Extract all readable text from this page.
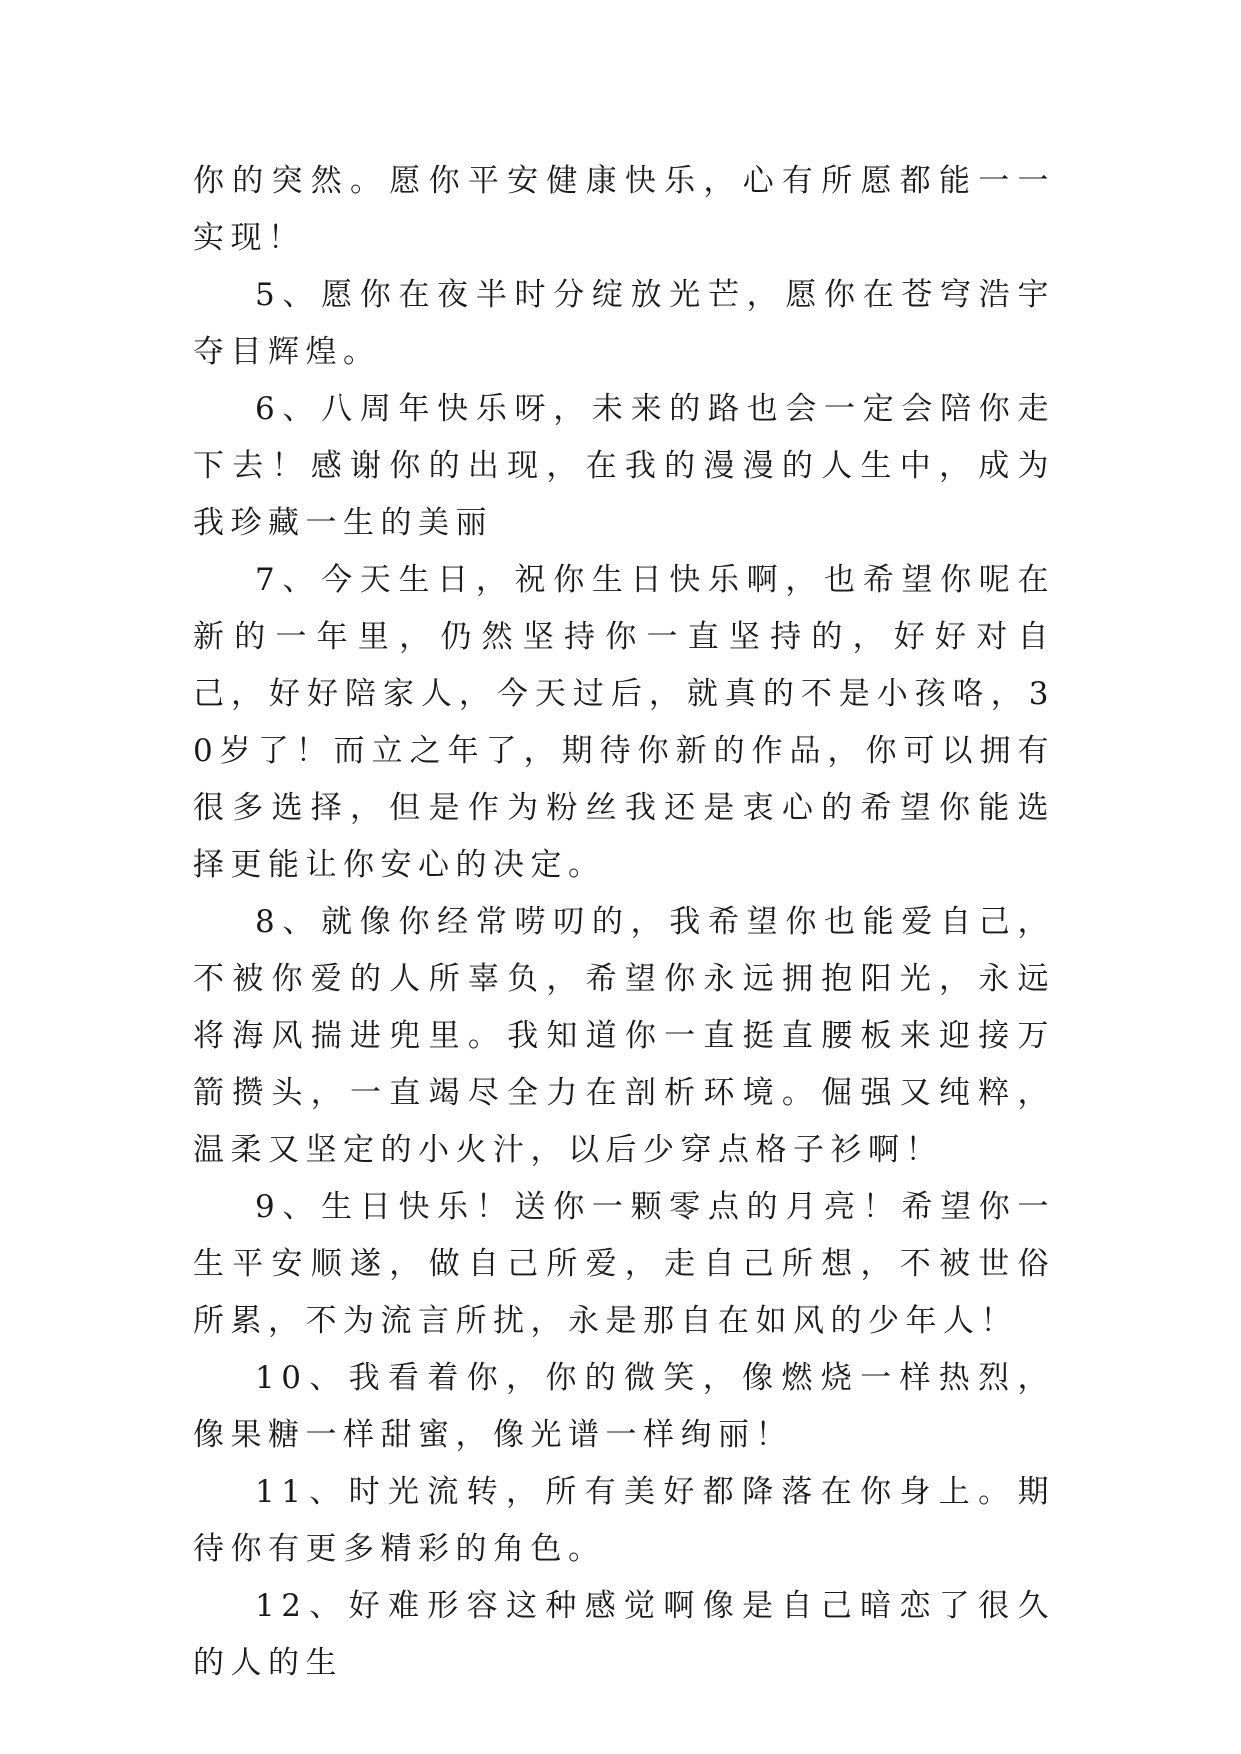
你的突然。愿你平安健康快乐，心有所愿都能一一实现！

5、愿你在夜半时分绽放光芒，愿你在苍穹浩宇夺目辉煌。

6、八周年快乐呀，未来的路也会一定会陪你走下去！感谢你的出现，在我的漫漫的人生中，成为我珍藏一生的美丽

7、今天生日，祝你生日快乐啊，也希望你呢在新的一年里，仍然坚持你一直坚持的，好好对自己，好好陪家人，今天过后，就真的不是小孩咯，30岁了！而立之年了，期待你新的作品，你可以拥有很多选择，但是作为粉丝我还是衷心的希望你能选择更能让你安心的决定。

8、就像你经常唠叨的，我希望你也能爱自己，不被你爱的人所辜负，希望你永远拥抱阳光，永远将海风揣进兜里。我知道你一直挺直腰板来迎接万箭攒头，一直竭尽全力在剖析环境。倔强又纯粹，温柔又坚定的小火汁，以后少穿点格子衫啊！

9、生日快乐！送你一颗零点的月亮！希望你一生平安顺遂，做自己所爱，走自己所想，不被世俗所累，不为流言所扰，永是那自在如风的少年人！

10、我看着你，你的微笑，像燃烧一样热烈，像果糖一样甜蜜，像光谱一样绚丽！

11、时光流转，所有美好都降落在你身上。期待你有更多精彩的角色。

12、好难形容这种感觉啊像是自己暗恋了很久的人的生
